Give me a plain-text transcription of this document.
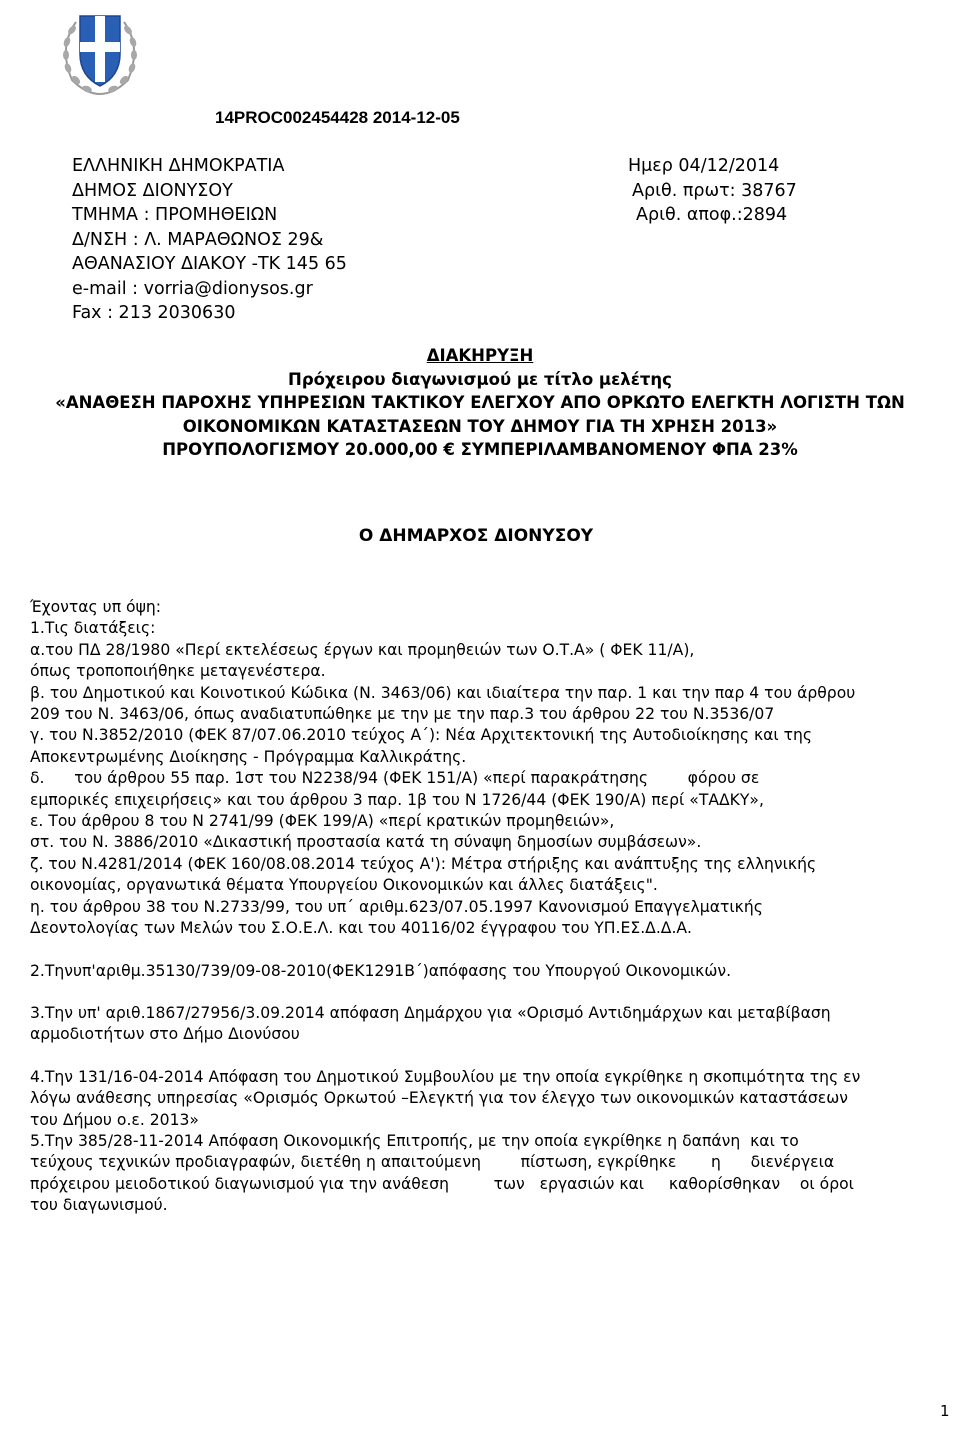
14PROC002454428 2014-12-05
ΕΛΛΗΝΙΚΗ ΔΗΜΟΚΡΑΤΙΑ
ΔΗΜΟΣ ΔΙΟΝΥΣΟΥ
ΤΜΗΜΑ : ΠΡΟΜΗΘΕΙΩΝ
Δ/ΝΣΗ : Λ. ΜΑΡΑΘΩΝΟΣ 29&
ΑΘΑΝΑΣΙΟΥ ΔΙΑΚΟΥ -ΤΚ 145 65
e-mail : vorria@dionysos.gr
Fax : 213 2030630
Ημερ 04/12/2014
Αριθ. πρωτ: 38767
Αριθ. αποφ.:2894
ΔΙΑΚΗΡΥΞΗ
Πρόχειρου διαγωνισμού με τίτλο μελέτης
«ΑΝΑΘΕΣΗ ΠΑΡΟΧΗΣ ΥΠΗΡΕΣΙΩΝ ΤΑΚΤΙΚΟΥ ΕΛΕΓΧΟΥ ΑΠΟ ΟΡΚΩΤΟ ΕΛΕΓΚΤΗ ΛΟΓΙΣΤΗ ΤΩΝ
ΟΙΚΟΝΟΜΙΚΩΝ ΚΑΤΑΣΤΑΣΕΩΝ ΤΟΥ ΔΗΜΟΥ ΓΙΑ ΤΗ ΧΡΗΣΗ 2013»
ΠΡΟΥΠΟΛΟΓΙΣΜΟΥ 20.000,00 € ΣΥΜΠΕΡΙΛΑΜΒΑΝΟΜΕΝΟΥ ΦΠΑ 23%
Ο ΔΗΜΑΡΧΟΣ ΔΙΟΝΥΣΟΥ

Έχοντας υπ όψη:

1.Τις διατάξεις:

α.του ΠΔ 28/1980 «Περί εκτελέσεως έργων και προμηθειών των Ο.Τ.Α» ( ΦΕΚ 11/Α),

όπως τροποποιήθηκε μεταγενέστερα.

β. του Δημοτικού και Κοινοτικού Κώδικα (Ν. 3463/06) και ιδιαίτερα την παρ. 1 και την παρ 4 του άρθρου

209 του Ν. 3463/06, όπως αναδιατυπώθηκε με την με την παρ.3 του άρθρου 22 του Ν.3536/07

γ. του Ν.3852/2010 (ΦΕΚ 87/07.06.2010 τεύχος Α΄): Νέα Αρχιτεκτονική της Αυτοδιοίκησης και της

Αποκεντρωμένης Διοίκησης - Πρόγραμμα Καλλικράτης.

δ.      του άρθρου 55 παρ. 1στ του Ν2238/94 (ΦΕΚ 151/Α) «περί παρακράτησης        φόρου σε

εμπορικές επιχειρήσεις» και του άρθρου 3 παρ. 1β του Ν 1726/44 (ΦΕΚ 190/Α) περί «ΤΑΔΚΥ»,

ε. Του άρθρου 8 του Ν 2741/99 (ΦΕΚ 199/Α) «περί κρατικών προμηθειών»,

στ. του Ν. 3886/2010 «Δικαστική προστασία κατά τη σύναψη δημοσίων συμβάσεων».

ζ. του Ν.4281/2014 (ΦΕΚ 160/08.08.2014 τεύχος Α'): Μέτρα στήριξης και ανάπτυξης της ελληνικής

οικονομίας, οργανωτικά θέματα Υπουργείου Οικονομικών και άλλες διατάξεις".

η. του άρθρου 38 του Ν.2733/99, του υπ΄ αριθμ.623/07.05.1997 Κανονισμού Επαγγελματικής

Δεοντολογίας των Μελών του Σ.Ο.Ε.Λ. και του 40116/02 έγγραφου του ΥΠ.ΕΣ.Δ.Δ.Α.

2.Τηνυπ'αριθμ.35130/739/09-08-2010(ΦΕΚ1291Β΄)απόφασης του Υπουργού Οικονομικών.

3.Την υπ' αριθ.1867/27956/3.09.2014 απόφαση Δημάρχου για «Ορισμό Αντιδημάρχων και μεταβίβαση

αρμοδιοτήτων στο Δήμο Διονύσου

4.Την 131/16-04-2014 Απόφαση του Δημοτικού Συμβουλίου με την οποία εγκρίθηκε η σκοπιμότητα της εν

λόγω ανάθεσης υπηρεσίας «Ορισμός Ορκωτού –Ελεγκτή για τον έλεγχο των οικονομικών καταστάσεων

του Δήμου ο.ε. 2013»

5.Την 385/28-11-2014 Απόφαση Οικονομικής Επιτροπής, με την οποία εγκρίθηκε η δαπάνη  και το

τεύχους τεχνικών προδιαγραφών, διετέθη η απαιτούμενη        πίστωση, εγκρίθηκε       η      διενέργεια

πρόχειρου μειοδοτικού διαγωνισμού για την ανάθεση         των   εργασιών και     καθορίσθηκαν    οι όροι

του διαγωνισμού.

1
